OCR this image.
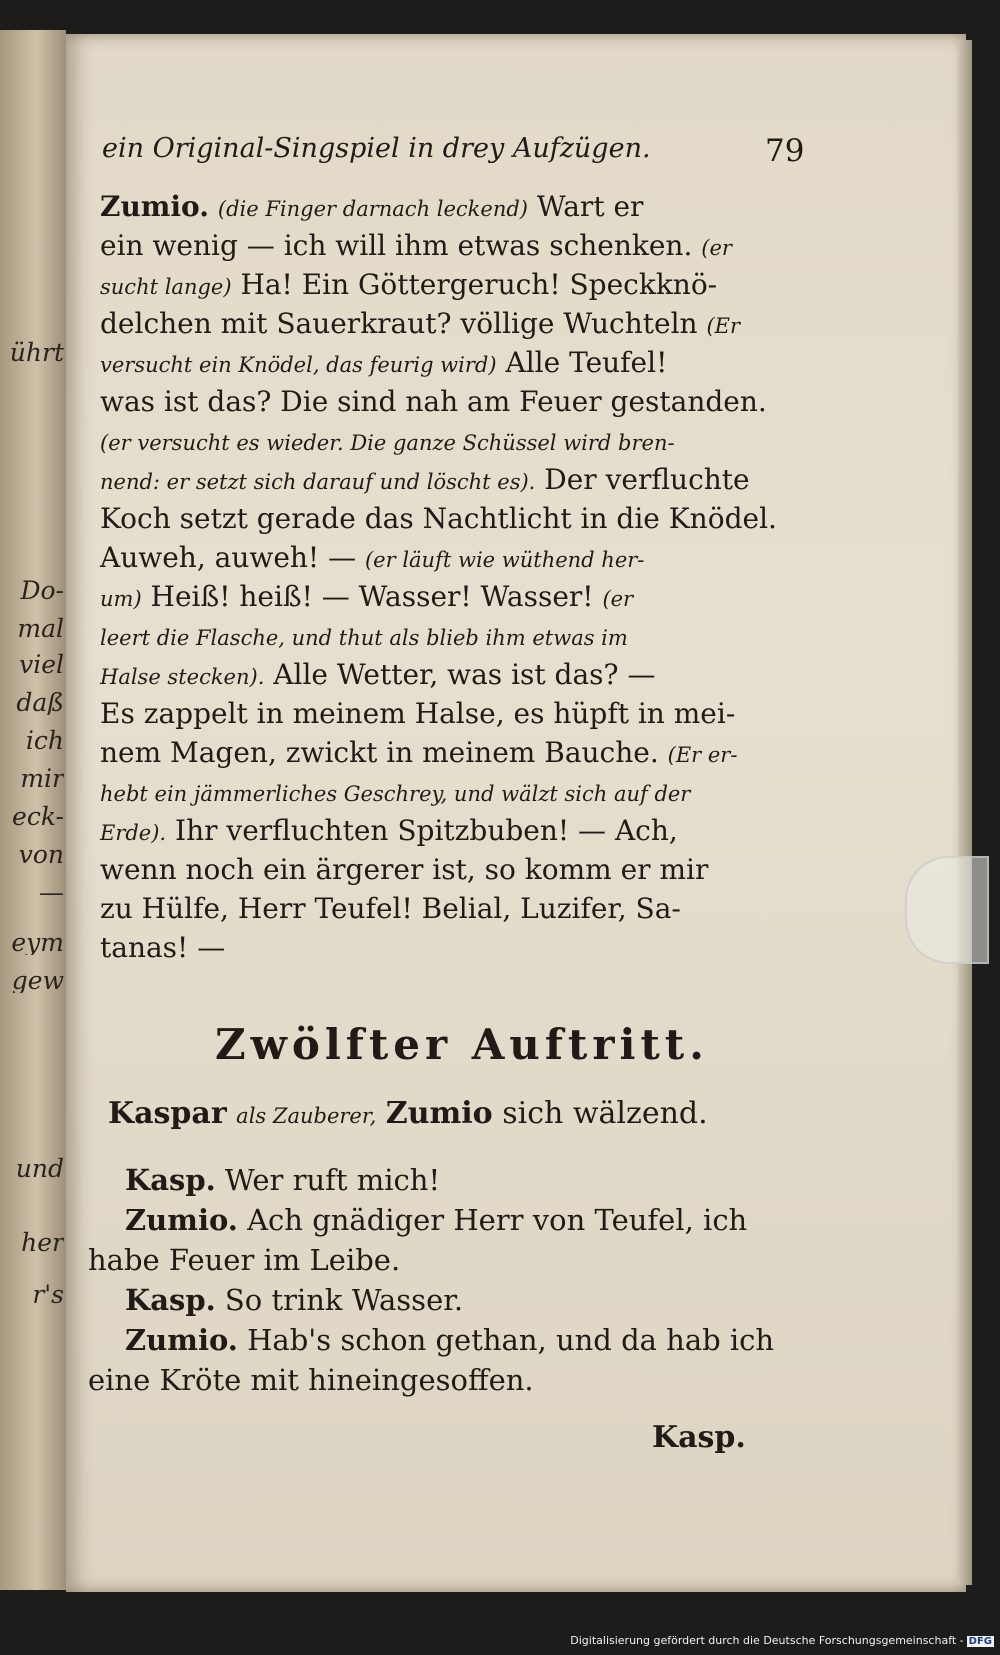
ührt
Do-
mal
viel
daß
ich
mir
eck-
von
—
eym
gew
und
her
r's
ein Original-Singspiel in drey Aufzügen.	79
Zumio. (die Finger darnach leckend) Wart er
ein wenig — ich will ihm etwas schenken. (er
sucht lange) Ha! Ein Göttergeruch! Speckknö-
delchen mit Sauerkraut? völlige Wuchteln (Er
versucht ein Knödel, das feurig wird) Alle Teufel!
was ist das? Die sind nah am Feuer gestanden.
(er versucht es wieder. Die ganze Schüssel wird bren-
nend: er setzt sich darauf und löscht es). Der verfluchte
Koch setzt gerade das Nachtlicht in die Knödel.
Auweh, auweh! — (er läuft wie wüthend her-
um) Heiß! heiß! — Wasser! Wasser! (er
leert die Flasche, und thut als blieb ihm etwas im
Halse stecken). Alle Wetter, was ist das? —
Es zappelt in meinem Halse, es hüpft in mei-
nem Magen, zwickt in meinem Bauche. (Er er-
hebt ein jämmerliches Geschrey, und wälzt sich auf der
Erde). Ihr verfluchten Spitzbuben! — Ach,
wenn noch ein ärgerer ist, so komm er mir
zu Hülfe, Herr Teufel! Belial, Luzifer, Sa-
tanas! —
Zwölfter Auftritt.
Kaspar als Zauberer, Zumio sich wälzend.
Kasp. Wer ruft mich!
Zumio. Ach gnädiger Herr von Teufel, ich
habe Feuer im Leibe.
Kasp. So trink Wasser.
Zumio. Hab's schon gethan, und da hab ich
eine Kröte mit hineingesoffen.
Kasp.
Digitalisierung gefördert durch die Deutsche Forschungsgemeinschaft - DFG
